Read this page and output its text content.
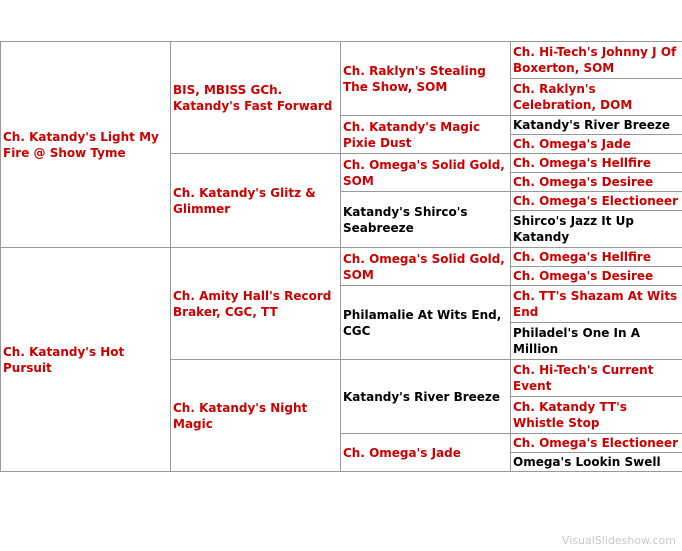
Ch. Katandy's Light My Fire @ Show Tyme	BIS, MBISS GCh. Katandy's Fast Forward	Ch. Raklyn's Stealing The Show, SOM	Ch. Hi-Tech's Johnny J Of Boxerton, SOM
			Ch. Raklyn's Celebration, DOM
		Ch. Katandy's Magic Pixie Dust	Katandy's River Breeze
			Ch. Omega's Jade
	Ch. Katandy's Glitz & Glimmer	Ch. Omega's Solid Gold, SOM	Ch. Omega's Hellfire
			Ch. Omega's Desiree
		Katandy's Shirco's Seabreeze	Ch. Omega's Electioneer
			Shirco's Jazz It Up Katandy
Ch. Katandy's Hot Pursuit	Ch. Amity Hall's Record Braker, CGC, TT	Ch. Omega's Solid Gold, SOM	Ch. Omega's Hellfire
			Ch. Omega's Desiree
		Philamalie At Wits End, CGC	Ch. TT's Shazam At Wits End
			Philadel's One In A Million
	Ch. Katandy's Night Magic	Katandy's River Breeze	Ch. Hi-Tech's Current Event
			Ch. Katandy TT's Whistle Stop
		Ch. Omega's Jade	Ch. Omega's Electioneer
			Omega's Lookin Swell
VisualSlideshow.com
